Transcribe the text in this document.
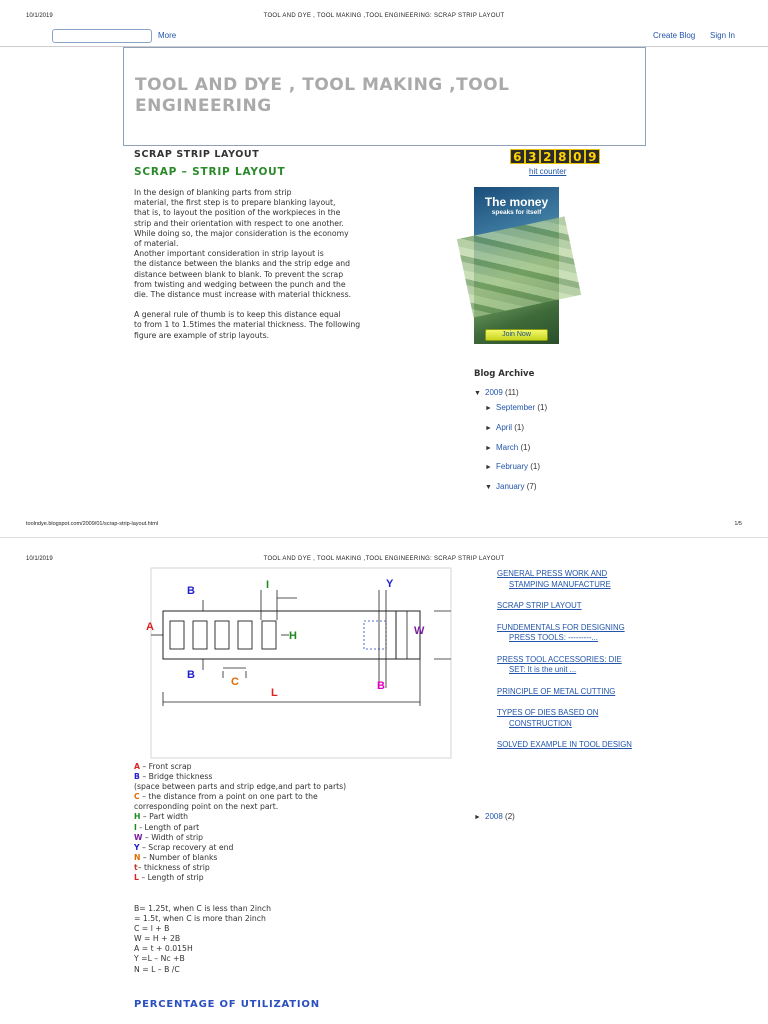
10/1/2019	TOOL AND DYE , TOOL MAKING ,TOOL ENGINEERING: SCRAP STRIP LAYOUT
More	Create Blog Sign In
TOOL AND DYE , TOOL MAKING ,TOOL ENGINEERING
SCRAP STRIP LAYOUT
SCRAP – STRIP LAYOUT

In the design of blanking parts from strip
material, the first step is to prepare blanking layout,
that is, to layout the position of the workpieces in the
strip and their orientation with respect to one another.
While doing so, the major consideration is the economy
of material.
Another important consideration in strip layout is
the distance between the blanks and the strip edge and
distance between blank to blank. To prevent the scrap
from twisting and wedging between the punch and the
die. The distance must increase with material thickness.

A general rule of thumb is to keep this distance equal
to from 1 to 1.5times the material thickness. The following
figure are example of strip layouts.

6 3 2 8 0 9
hit counter
The money
speaks for itself
Join Now
Blog Archive
▼ 2009 (11)
► September (1)
► April (1)
► March (1)
► February (1)
▼ January (7)
toolndye.blogspot.com/2009/01/scrap-strip-layout.html	1/5
10/1/2019	TOOL AND DYE , TOOL MAKING ,TOOL ENGINEERING: SCRAP STRIP LAYOUT
A
B
B
I	Y
H	W
C
L
B
A – Front scrap
B – Bridge thickness
(space between parts and strip edge,and part to parts)
C – the distance from a point on one part to the
corresponding point on the next part.
H – Part width
I - Length of part
W – Width of strip
Y – Scrap recovery at end
N – Number of blanks
t– thickness of strip
L – Length of strip
B= 1.25t, when C is less than 2inch
= 1.5t, when C is more than 2inch
C = l + B
W = H + 2B
A = t + 0.015H
Y =L – Nc +B
N = L – B /C
PERCENTAGE OF UTILIZATION
GENERAL PRESS WORK AND STAMPING MANUFACTURE
SCRAP STRIP LAYOUT
FUNDEMENTALS FOR DESIGNING PRESS TOOLS: ---------...
PRESS TOOL ACCESSORIES: DIE SET: It is the unit ...
PRINCIPLE OF METAL CUTTING
TYPES OF DIES BASED ON CONSTRUCTION
SOLVED EXAMPLE IN TOOL DESIGN
► 2008 (2)
